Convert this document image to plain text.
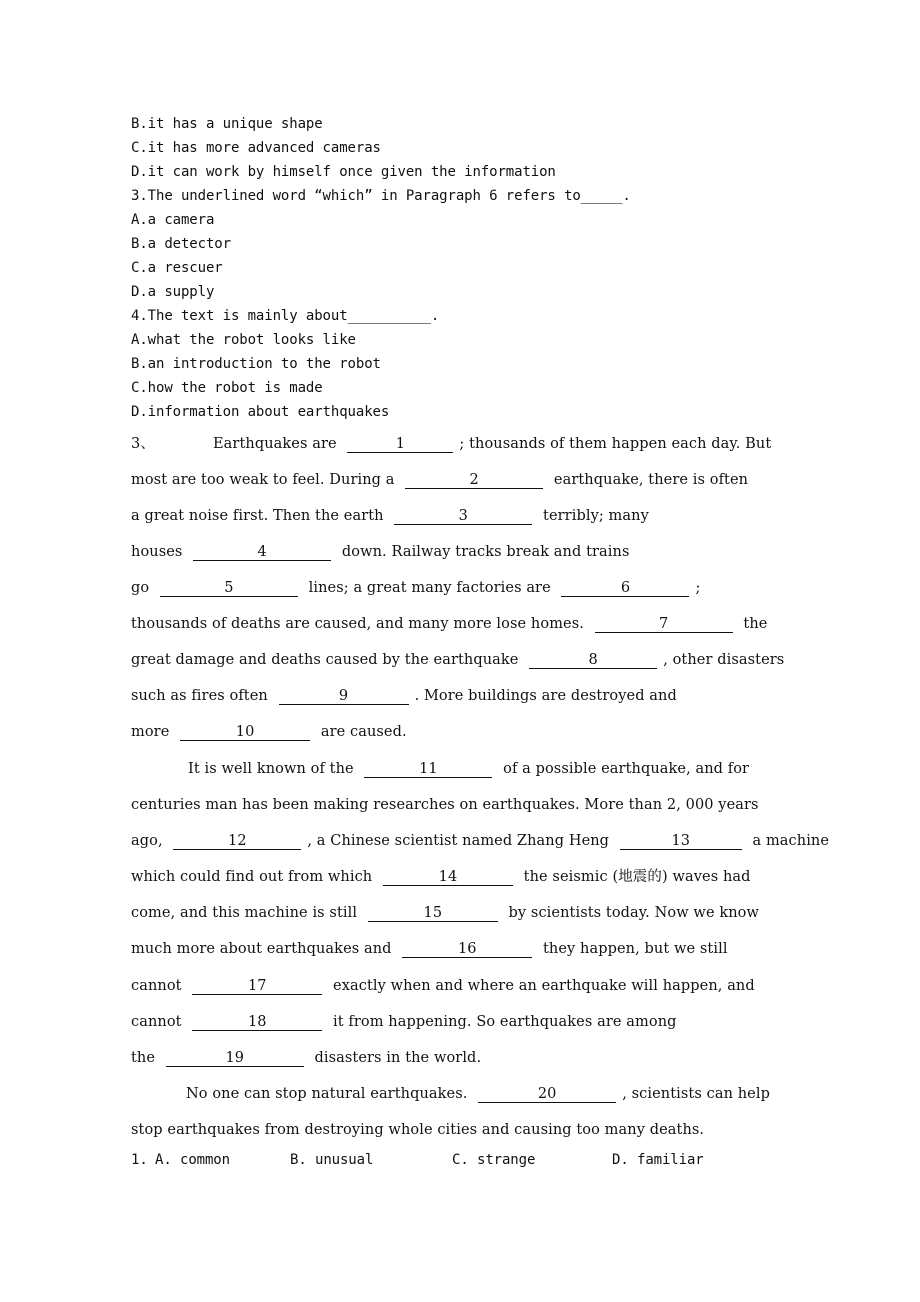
B.it has a unique shape
C.it has more advanced cameras
D.it can work by himself once given the information
3.The underlined word “which” in Paragraph 6 refers to_____.
A.a camera
B.a detector
C.a rescuer
D.a supply
4.The text is mainly about__________.
A.what the robot looks like
B.an introduction to the robot
C.how the robot is made
D.information about earthquakes
3、	Earthquakes are	1	; thousands of them happen each day. But
most are too weak to feel. During a	2	earthquake, there is often
a great noise first. Then the earth	3	terribly; many
houses	4	down. Railway tracks break and trains
go	5	lines; a great many factories are	6	;
thousands of deaths are caused, and many more lose homes.	7	the
great damage and deaths caused by the earthquake	8	, other disasters
such as fires often	9	. More buildings are destroyed and
more	10	are caused.
It is well known of the	11	of a possible earthquake, and for
centuries man has been making researches on earthquakes. More than 2, 000 years
ago,	12	, a Chinese scientist named Zhang Heng	13	a machine
which could find out from which	14	the seismic (地震的) waves had
come, and this machine is still	15	by scientists today. Now we know
much more about earthquakes and	16	they happen, but we still
cannot	17	exactly when and where an earthquake will happen, and
cannot	18	it from happening. So earthquakes are among
the	19	disasters in the world.
No one can stop natural earthquakes.	20	, scientists can help
stop earthquakes from destroying whole cities and causing too many deaths.
1. A. common	B. unusual	C. strange	D. familiar
